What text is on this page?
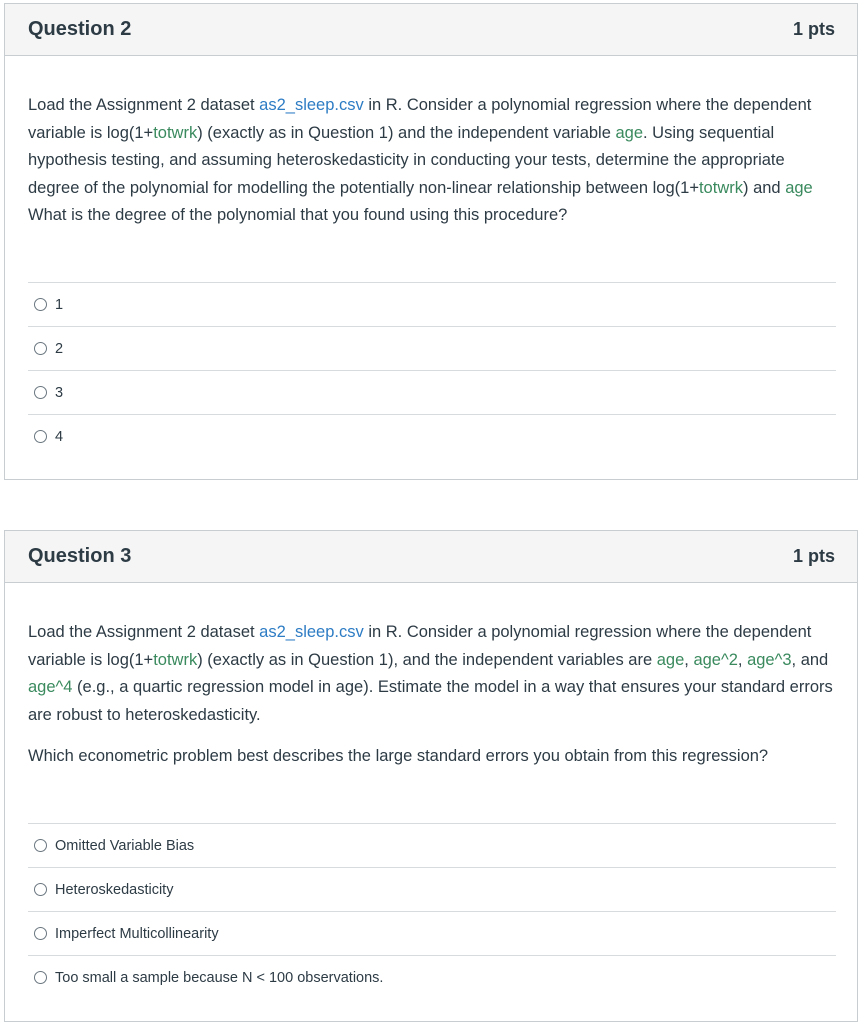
Question 2	1 pts

Load the Assignment 2 dataset as2_sleep.csv in R. Consider a polynomial regression where the dependent variable is log(1+totwrk) (exactly as in Question 1) and the independent variable age. Using sequential hypothesis testing, and assuming heteroskedasticity in conducting your tests, determine the appropriate degree of the polynomial for modelling the potentially non-linear relationship between log(1+totwrk) and age What is the degree of the polynomial that you found using this procedure?

1
2
3
4
Question 3	1 pts

Load the Assignment 2 dataset as2_sleep.csv in R. Consider a polynomial regression where the dependent variable is log(1+totwrk) (exactly as in Question 1), and the independent variables are age, age^2, age^3, and age^4 (e.g., a quartic regression model in age). Estimate the model in a way that ensures your standard errors are robust to heteroskedasticity.

Which econometric problem best describes the large standard errors you obtain from this regression?

Omitted Variable Bias
Heteroskedasticity
Imperfect Multicollinearity
Too small a sample because N < 100 observations.
